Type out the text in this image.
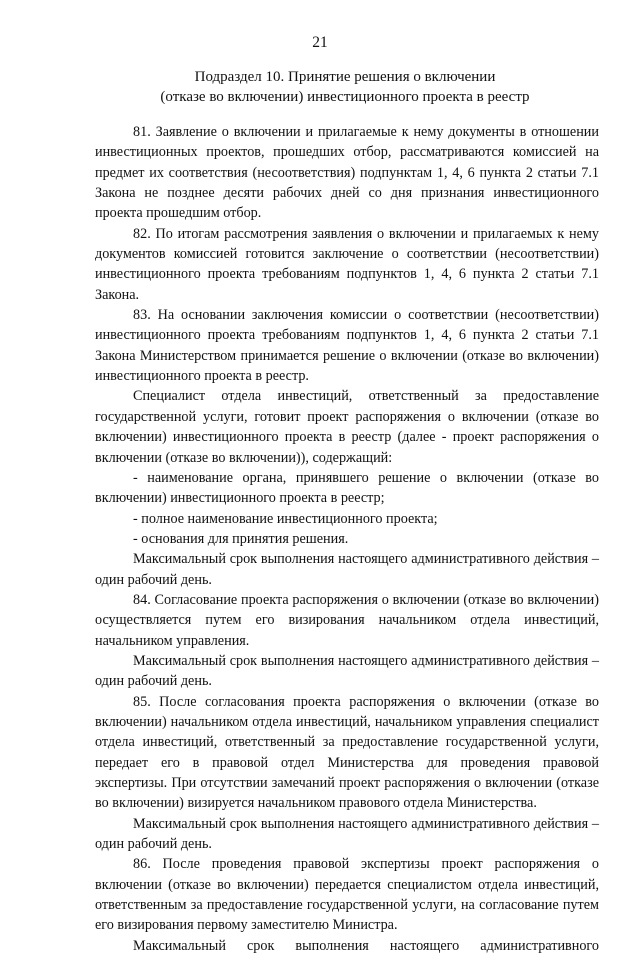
21
Подраздел 10. Принятие решения о включении
(отказе во включении) инвестиционного проекта в реестр

81. Заявление о включении и прилагаемые к нему документы в отношении инвестиционных проектов, прошедших отбор, рассматриваются комиссией на предмет их соответствия (несоответствия) подпунктам 1, 4, 6 пункта 2 статьи 7.1 Закона не позднее десяти рабочих дней со дня признания инвестиционного проекта прошедшим отбор.

82. По итогам рассмотрения заявления о включении и прилагаемых к нему документов комиссией готовится заключение о соответствии (несоответствии) инвестиционного проекта требованиям подпунктов 1, 4, 6 пункта 2 статьи 7.1 Закона.

83. На основании заключения комиссии о соответствии (несоответствии) инвестиционного проекта требованиям подпунктов 1, 4, 6 пункта 2 статьи 7.1 Закона Министерством принимается решение о включении (отказе во включении) инвестиционного проекта в реестр.

Специалист отдела инвестиций, ответственный за предоставление государственной услуги, готовит проект распоряжения о включении (отказе во включении) инвестиционного проекта в реестр (далее - проект распоряжения о включении (отказе во включении)), содержащий:

- наименование органа, принявшего решение о включении (отказе во включении) инвестиционного проекта в реестр;

- полное наименование инвестиционного проекта;

- основания для принятия решения.

Максимальный срок выполнения настоящего административного действия – один рабочий день.

84. Согласование проекта распоряжения о включении (отказе во включении) осуществляется путем его визирования начальником отдела инвестиций, начальником управления.

Максимальный срок выполнения настоящего административного действия – один рабочий день.

85. После согласования проекта распоряжения о включении (отказе во включении) начальником отдела инвестиций, начальником управления специалист отдела инвестиций, ответственный за предоставление государственной услуги, передает его в правовой отдел Министерства для проведения правовой экспертизы. При отсутствии замечаний проект распоряжения о включении (отказе во включении) визируется начальником правового отдела Министерства.

Максимальный срок выполнения настоящего административного действия – один рабочий день.

86. После проведения правовой экспертизы проект распоряжения о включении (отказе во включении) передается специалистом отдела инвестиций, ответственным за предоставление государственной услуги, на согласование путем его визирования первому заместителю Министра.

Максимальный срок выполнения настоящего административного
